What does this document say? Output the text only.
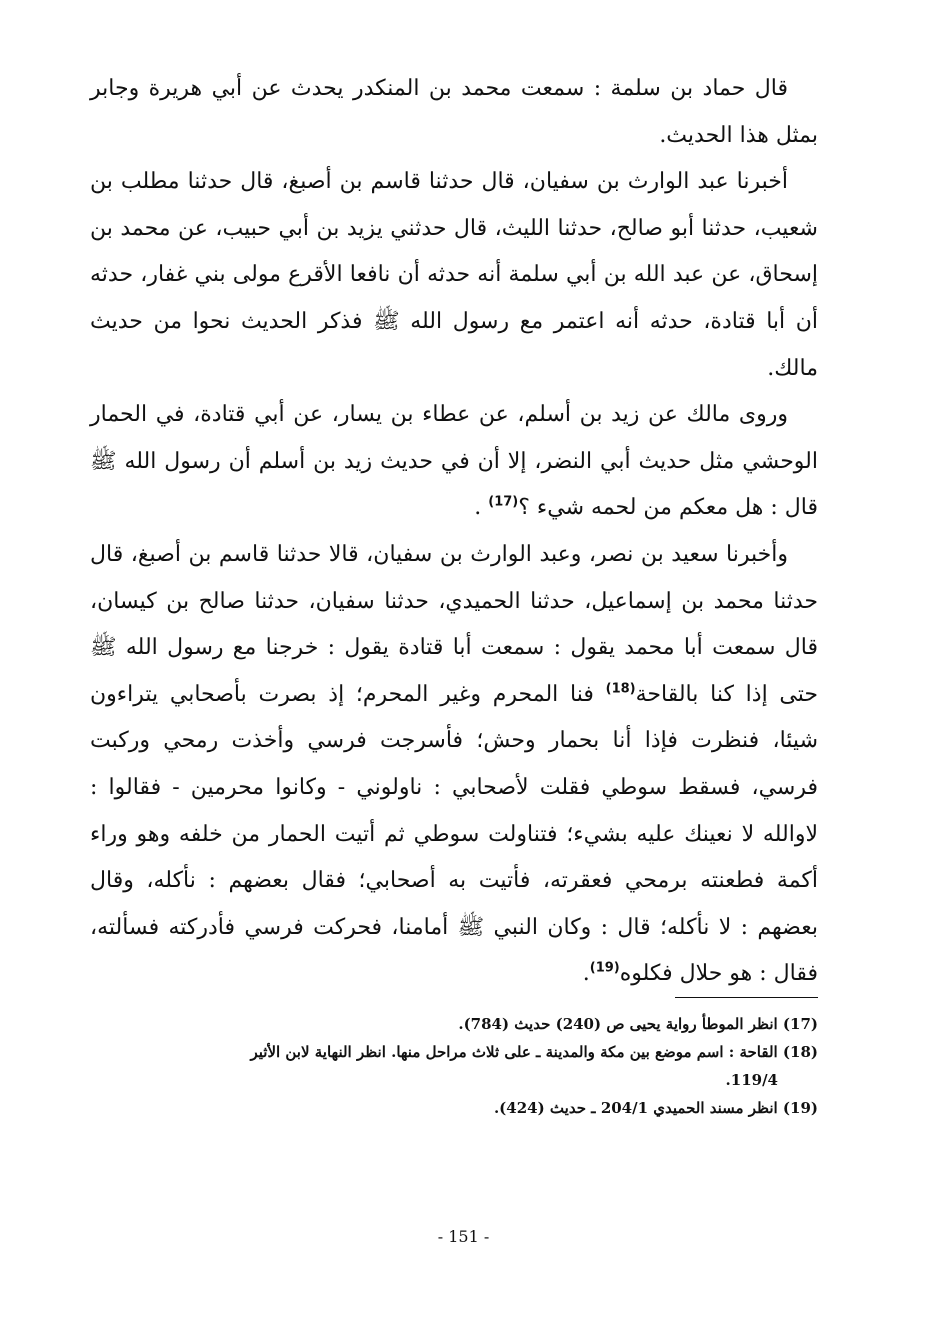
قال حماد بن سلمة : سمعت محمد بن المنكدر يحدث عن أبي هريرة وجابر بمثل هذا الحديث.

أخبرنا عبد الوارث بن سفيان، قال حدثنا قاسم بن أصبغ، قال حدثنا مطلب بن شعيب، حدثنا أبو صالح، حدثنا الليث، قال حدثني يزيد بن أبي حبيب، عن محمد بن إسحاق، عن عبد الله بن أبي سلمة أنه حدثه أن نافعا الأقرع مولى بني غفار، حدثه أن أبا قتادة، حدثه أنه اعتمر مع رسول الله ﷺ فذكر الحديث نحوا من حديث مالك.

وروى مالك عن زيد بن أسلم، عن عطاء بن يسار، عن أبي قتادة، في الحمار الوحشي مثل حديث أبي النضر، إلا أن في حديث زيد بن أسلم أن رسول الله ﷺ قال : هل معكم من لحمه شيء ؟$^{(17)}$ .

وأخبرنا سعيد بن نصر، وعبد الوارث بن سفيان، قالا حدثنا قاسم بن أصبغ، قال حدثنا محمد بن إسماعيل، حدثنا الحميدي، حدثنا سفيان، حدثنا صالح بن كيسان، قال سمعت أبا محمد يقول : سمعت أبا قتادة يقول : خرجنا مع رسول الله ﷺ حتى إذا كنا بالقاحة$^{(18)}$ فنا المحرم وغير المحرم؛ إذ بصرت بأصحابي يتراءون شيئا، فنظرت فإذا أنا بحمار وحش؛ فأسرجت فرسي وأخذت رمحي وركبت فرسي، فسقط سوطي فقلت لأصحابي : ناولوني - وكانوا محرمين - فقالوا : لاوالله لا نعينك عليه بشيء؛ فتناولت سوطي ثم أتيت الحمار من خلفه وهو وراء أكمة فطعنته برمحي فعقرته، فأتيت به أصحابي؛ فقال بعضهم : نأكله، وقال بعضهم : لا نأكله؛ قال : وكان النبي ﷺ أمامنا، فحركت فرسي فأدركته فسألته، فقال : هو حلال فكلوه$^{(19)}$.

(17) انظر الموطأ رواية يحيى ص (240) حديث (784).

(18) القاحة : اسم موضع بين مكة والمدينة ـ على ثلاث مراحل منها. انظر النهاية لابن الأثير

119/4.

(19) انظر مسند الحميدي 204/1 ـ حديث (424).

- 151 -
